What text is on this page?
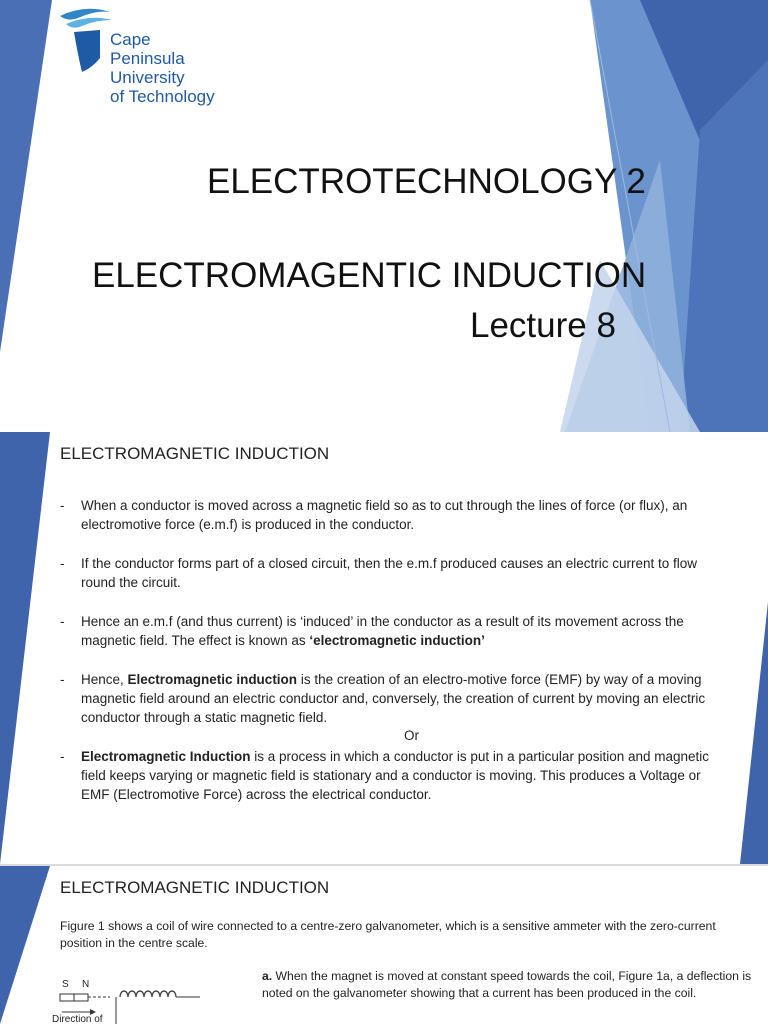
Cape
Peninsula
University
of Technology
ELECTROTECHNOLOGY 2
ELECTROMAGENTIC INDUCTION
Lecture 8
ELECTROMAGNETIC INDUCTION
- When a conductor is moved across a magnetic field so as to cut through the lines of force (or flux), an electromotive force (e.m.f) is produced in the conductor.
- If the conductor forms part of a closed circuit, then the e.m.f produced causes an electric current to flow round the circuit.
- Hence an e.m.f (and thus current) is ‘induced’ in the conductor as a result of its movement across the magnetic field. The effect is known as ‘electromagnetic induction’
- Hence, Electromagnetic induction is the creation of an electro-motive force (EMF) by way of a moving magnetic field around an electric conductor and, conversely, the creation of current by moving an electric conductor through a static magnetic field.
Or
- Electromagnetic Induction is a process in which a conductor is put in a particular position and magnetic field keeps varying or magnetic field is stationary and a conductor is moving. This produces a Voltage or EMF (Electromotive Force) across the electrical conductor.
ELECTROMAGNETIC INDUCTION
Figure 1 shows a coil of wire connected to a centre-zero galvanometer, which is a sensitive ammeter with the zero-current position in the centre scale.
a. When the magnet is moved at constant speed towards the coil, Figure 1a, a deflection is noted on the galvanometer showing that a current has been produced in the coil.
S N
Direction of
